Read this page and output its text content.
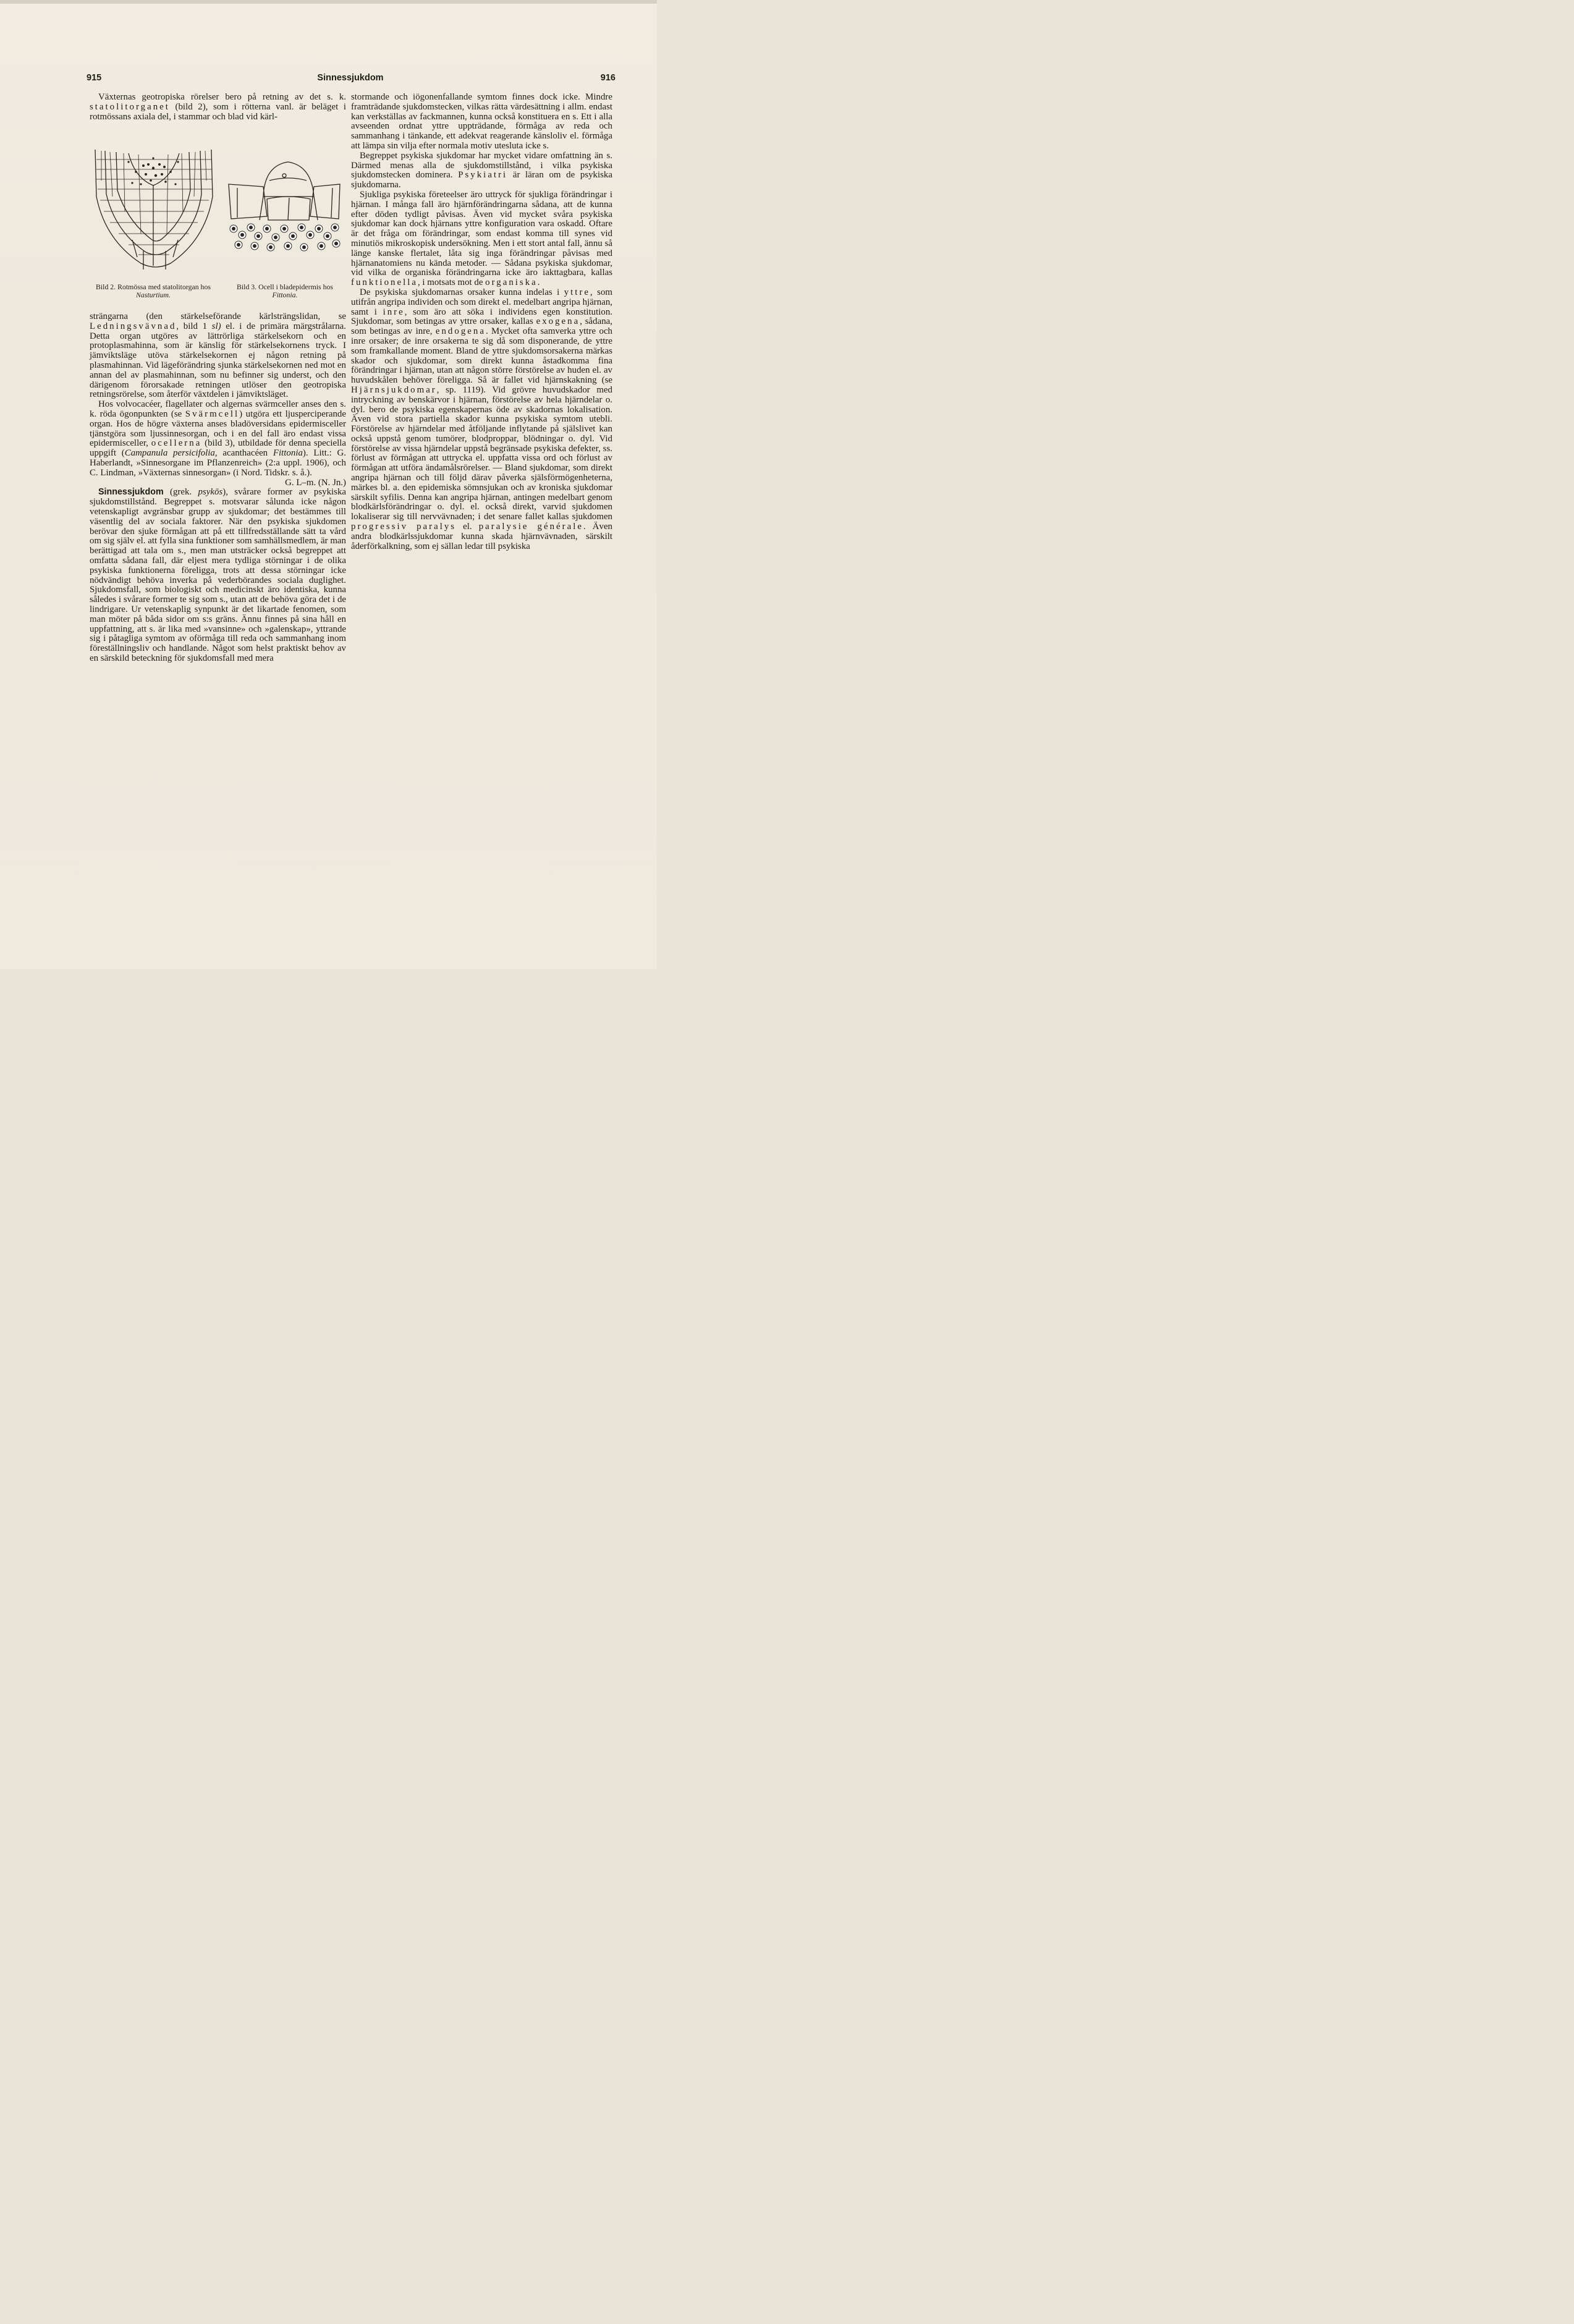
915	Sinnessjukdom	916

Växternas geotropiska rörelser bero på retning av det s. k. statolitorganet (bild 2), som i rötterna vanl. är beläget i rotmössans axiala del, i stammar och blad vid kärl-

Bild 2. Rotmössa med statolitorgan hos Nasturtium.
Bild 3. Ocell i bladepidermis hos Fittonia.

strängarna (den stärkelseförande kärlsträngslidan, se Ledningsvävnad, bild 1 sl) el. i de primära märgstrålarna. Detta organ utgöres av lättrörliga stärkelsekorn och en protoplasmahinna, som är känslig för stärkelsekornens tryck. I jämviktsläge utöva stärkelsekornen ej någon retning på plasmahinnan. Vid lägeförändring sjunka stärkelsekornen ned mot en annan del av plasmahinnan, som nu befinner sig underst, och den därigenom förorsakade retningen utlöser den geotropiska retningsrörelse, som återför växtdelen i jämviktsläget.

Hos volvocacéer, flagellater och algernas svärmceller anses den s. k. röda ögonpunkten (se Svärmcell) utgöra ett ljusperciperande organ. Hos de högre växterna anses bladöversidans epidermisceller tjänstgöra som ljussinnesorgan, och i en del fall äro endast vissa epidermisceller, ocellerna (bild 3), utbildade för denna speciella uppgift (Campanula persicifolia, acanthacéen Fittonia). Litt.: G. Haberlandt, »Sinnesorgane im Pflanzenreich» (2:a uppl. 1906), och C. Lindman, »Växternas sinnesorgan» (i Nord. Tidskr. s. å.).

G. L–m. (N. Jn.)

Sinnessjukdom (grek. psykōs), svårare former av psykiska sjukdomstillstånd. Begreppet s. motsvarar sålunda icke någon vetenskapligt avgränsbar grupp av sjukdomar; det bestämmes till väsentlig del av sociala faktorer. När den psykiska sjukdomen berövar den sjuke förmågan att på ett tillfredsställande sätt ta vård om sig själv el. att fylla sina funktioner som samhällsmedlem, är man berättigad att tala om s., men man utsträcker också begreppet att omfatta sådana fall, där eljest mera tydliga störningar i de olika psykiska funktionerna föreligga, trots att dessa störningar icke nödvändigt behöva inverka på vederbörandes sociala duglighet. Sjukdomsfall, som biologiskt och medicinskt äro identiska, kunna således i svårare former te sig som s., utan att de behöva göra det i de lindrigare. Ur vetenskaplig synpunkt är det likartade fenomen, som man möter på båda sidor om s:s gräns. Ännu finnes på sina håll en uppfattning, att s. är lika med »vansinne» och »galenskap», yttrande sig i påtagliga symtom av oförmåga till reda och sammanhang inom föreställningsliv och handlande. Något som helst praktiskt behov av en särskild beteckning för sjukdomsfall med mera

stormande och iögonenfallande symtom finnes dock icke. Mindre framträdande sjukdomstecken, vilkas rätta värdesättning i allm. endast kan verkställas av fackmannen, kunna också konstituera en s. Ett i alla avseenden ordnat yttre uppträdande, förmåga av reda och sammanhang i tänkande, ett adekvat reagerande känsloliv el. förmåga att lämpa sin vilja efter normala motiv utesluta icke s.

Begreppet psykiska sjukdomar har mycket vidare omfattning än s. Därmed menas alla de sjukdomstillstånd, i vilka psykiska sjukdomstecken dominera. Psykiatri är läran om de psykiska sjukdomarna.

Sjukliga psykiska företeelser äro uttryck för sjukliga förändringar i hjärnan. I många fall äro hjärnförändringarna sådana, att de kunna efter döden tydligt påvisas. Även vid mycket svåra psykiska sjukdomar kan dock hjärnans yttre konfiguration vara oskadd. Oftare är det fråga om förändringar, som endast komma till synes vid minutiös mikroskopisk undersökning. Men i ett stort antal fall, ännu så länge kanske flertalet, låta sig inga förändringar påvisas med hjärnanatomiens nu kända metoder. — Sådana psykiska sjukdomar, vid vilka de organiska förändringarna icke äro iakttagbara, kallas funktionella, i motsats mot de organiska.

De psykiska sjukdomarnas orsaker kunna indelas i yttre, som utifrån angripa individen och som direkt el. medelbart angripa hjärnan, samt i inre, som äro att söka i individens egen konstitution. Sjukdomar, som betingas av yttre orsaker, kallas exogena, sådana, som betingas av inre, endogena. Mycket ofta samverka yttre och inre orsaker; de inre orsakerna te sig då som disponerande, de yttre som framkallande moment. Bland de yttre sjukdomsorsakerna märkas skador och sjukdomar, som direkt kunna åstadkomma fina förändringar i hjärnan, utan att någon större förstörelse av huden el. av huvudskålen behöver föreligga. Så är fallet vid hjärnskakning (se Hjärnsjukdomar, sp. 1119). Vid grövre huvudskador med intryckning av benskärvor i hjärnan, förstörelse av hela hjärndelar o. dyl. bero de psykiska egenskapernas öde av skadornas lokalisation. Även vid stora partiella skador kunna psykiska symtom utebli. Förstörelse av hjärndelar med åtföljande inflytande på själslivet kan också uppstå genom tumörer, blodproppar, blödningar o. dyl. Vid förstörelse av vissa hjärndelar uppstå begränsade psykiska defekter, ss. förlust av förmågan att uttrycka el. uppfatta vissa ord och förlust av förmågan att utföra ändamålsrörelser. — Bland sjukdomar, som direkt angripa hjärnan och till följd därav påverka själsförmögenheterna, märkes bl. a. den epidemiska sömnsjukan och av kroniska sjukdomar särskilt syfilis. Denna kan angripa hjärnan, antingen medelbart genom blodkärlsförändringar o. dyl. el. också direkt, varvid sjukdomen lokaliserar sig till nervvävnaden; i det senare fallet kallas sjukdomen progressiv paralys el. paralysie générale. Även andra blodkärlssjukdomar kunna skada hjärnvävnaden, särskilt åderförkalkning, som ej sällan ledar till psykiska
